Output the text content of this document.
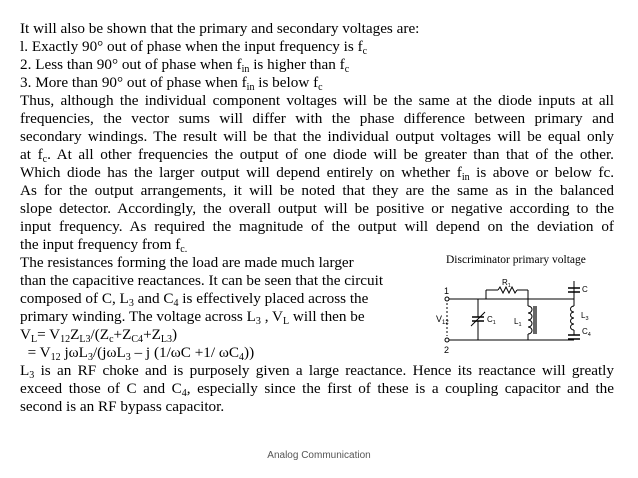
It will also be shown that the primary and secondary voltages are:
l. Exactly 90° out of phase when the input frequency is $f_c$
2. Less than 90° out of phase when $f_{in}$ is higher than $f_c$
3. More than 90° out of phase when $f_{in}$ is below $f_c$
Thus, although the individual component voltages will be the same at the diode inputs at all
frequencies, the vector sums will differ with the phase difference between primary and
secondary windings. The result will be that the individual output voltages will be equal only
at $f_c$. At all other frequencies the output of one diode will be greater than that of the other.
Which diode has the larger output will depend entirely on whether $f_{in}$ is above or below fc.
As for the output arrangements, it will be noted that they are the same as in the balanced
slope detector. Accordingly, the overall output will be positive or negative according to the
input frequency. As required the magnitude of the output will depend on the deviation of
the input frequency from $f_{c.}$
Discriminator primary voltage
The resistances forming the load are made much larger
than the capacitive reactances. It can be seen that the circuit
composed of C, $L_3$ and $C_4$ is effectively placed across the
primary winding. The voltage across $L_3$ , $V_L$ will then be
$V_L= V_{12}Z_{L3}/(Z_c+Z_{C4}+Z_{L3})$
= $V_{12}$ jωL$_3$/(jωL$_3$ – j (1/ωC +1/ $\omega C_4$))
$L_3$ is an RF choke and is purposely given a large reactance. Hence its reactance will greatly
exceed those of C and $C_4$, especially since the first of these is a coupling capacitor and the
second is an RF bypass capacitor.
1
2
$V_{12}$
$R_1$
$C_1$ $L_1$
C
$L_3$
$C_4$
Analog Communication
